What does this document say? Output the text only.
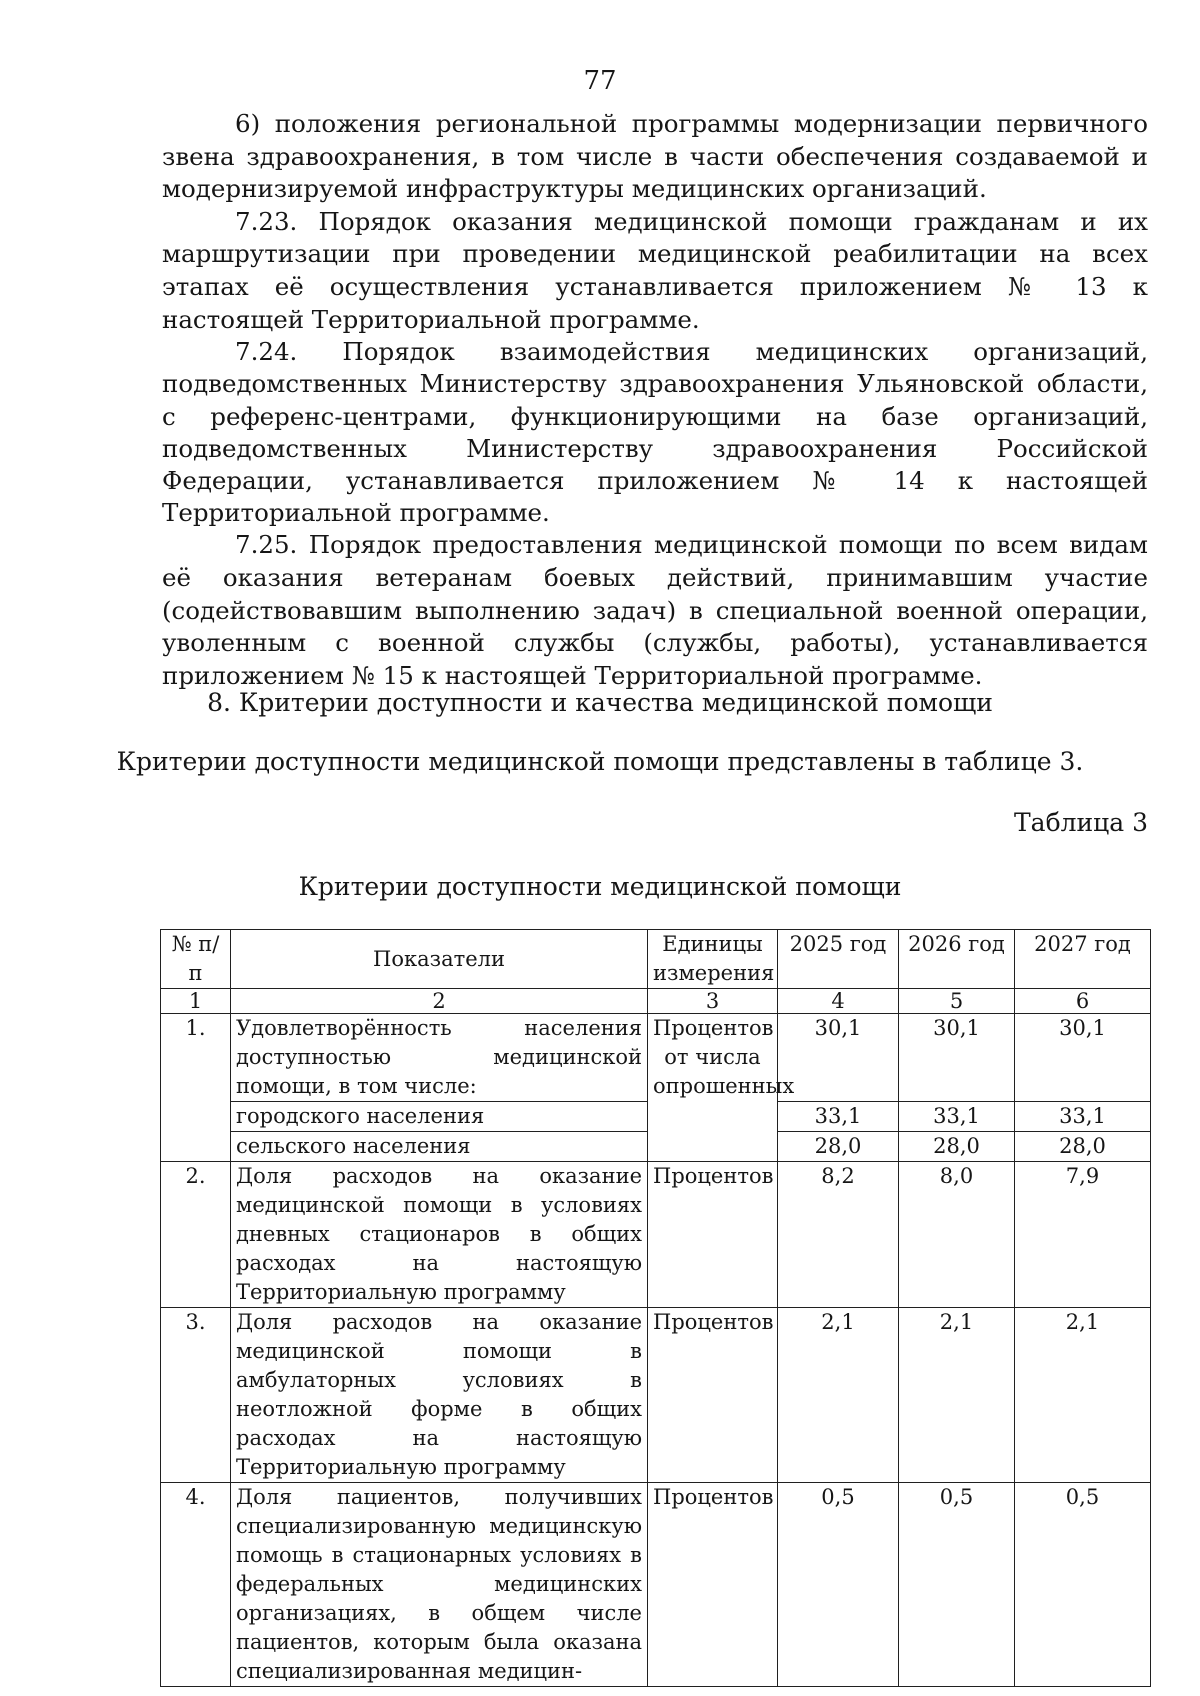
77

6) положения региональной программы модернизации первичного звена здравоохранения, в том числе в части обеспечения создаваемой и модернизируемой инфраструктуры медицинских организаций.

7.23. Порядок оказания медицинской помощи гражданам и их маршрутизации при проведении медицинской реабилитации на всех этапах её осуществления устанавливается приложением № 13 к настоящей Территориальной программе.

7.24. Порядок взаимодействия медицинских организаций, подведомственных Министерству здравоохранения Ульяновской области, с референс-центрами, функционирующими на базе организаций, подведомственных Министерству здравоохранения Российской Федерации, устанавливается приложением № 14 к настоящей Территориальной программе.

7.25. Порядок предоставления медицинской помощи по всем видам её оказания ветеранам боевых действий, принимавшим участие (содействовавшим выполнению задач) в специальной военной операции, уволенным с военной службы (службы, работы), устанавливается приложением № 15 к настоящей Территориальной программе.

8. Критерии доступности и качества медицинской помощи
Критерии доступности медицинской помощи представлены в таблице 3.
Таблица 3
Критерии доступности медицинской помощи
№ п/п	Показатели	Единицы измерения	2025 год	2026 год	2027 год
1	2	3	4	5	6
1.	Удовлетворённость населения доступностью медицинской помощи, в том числе:	Процентов от числа опрошенных	30,1	30,1	30,1
	городского населения		33,1	33,1	33,1
	сельского населения		28,0	28,0	28,0
2.	Доля расходов на оказание медицинской помощи в условиях дневных стационаров в общих расходах на настоящую Территориальную программу	Процентов	8,2	8,0	7,9
3.	Доля расходов на оказание медицинской помощи в амбулаторных условиях в неотложной форме в общих расходах на настоящую Территориальную программу	Процентов	2,1	2,1	2,1
4.	Доля пациентов, получивших специализированную медицинскую помощь в стационарных условиях в федеральных медицинских организациях, в общем числе пациентов, которым была оказана специализированная медицин-	Процентов	0,5	0,5	0,5
